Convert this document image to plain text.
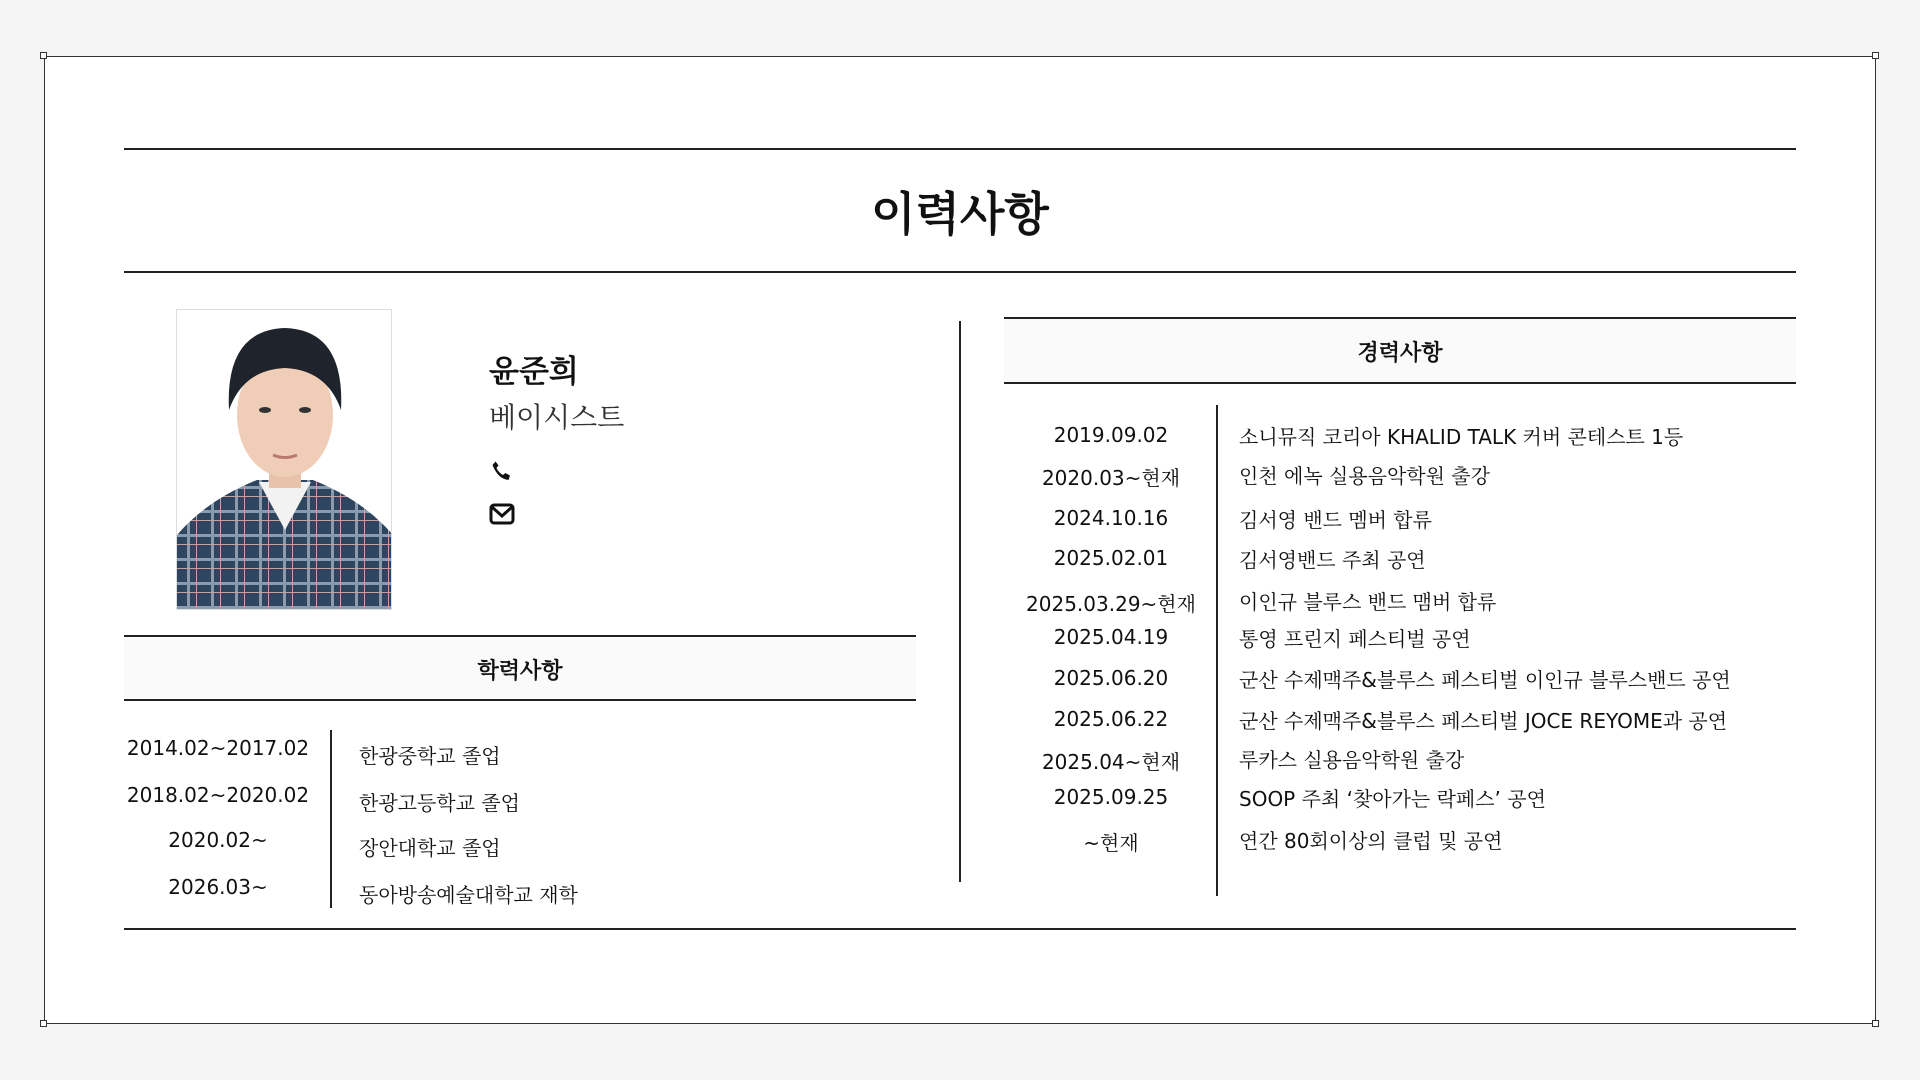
이력사항
윤준희
베이시스트
학력사항
2014.02~2017.02	한광중학교 졸업
2018.02~2020.02	한광고등학교 졸업
2020.02~	장안대학교 졸업
2026.03~	동아방송예술대학교 재학
경력사항
2019.09.02	소니뮤직 코리아 KHALID TALK 커버 콘테스트 1등
2020.03~현재	인천 에녹 실용음악학원 출강
2024.10.16	김서영 밴드 멤버 합류
2025.02.01	김서영밴드 주최 공연
2025.03.29~현재	이인규 블루스 밴드 맴버 합류
2025.04.19	통영 프린지 페스티벌 공연
2025.06.20	군산 수제맥주&블루스 페스티벌 이인규 블루스밴드 공연
2025.06.22	군산 수제맥주&블루스 페스티벌 JOCE REYOME과 공연
2025.04~현재	루카스 실용음악학원 출강
2025.09.25	SOOP 주최 ‘찾아가는 락페스’ 공연
~현재	연간 80회이상의 클럽 및 공연
